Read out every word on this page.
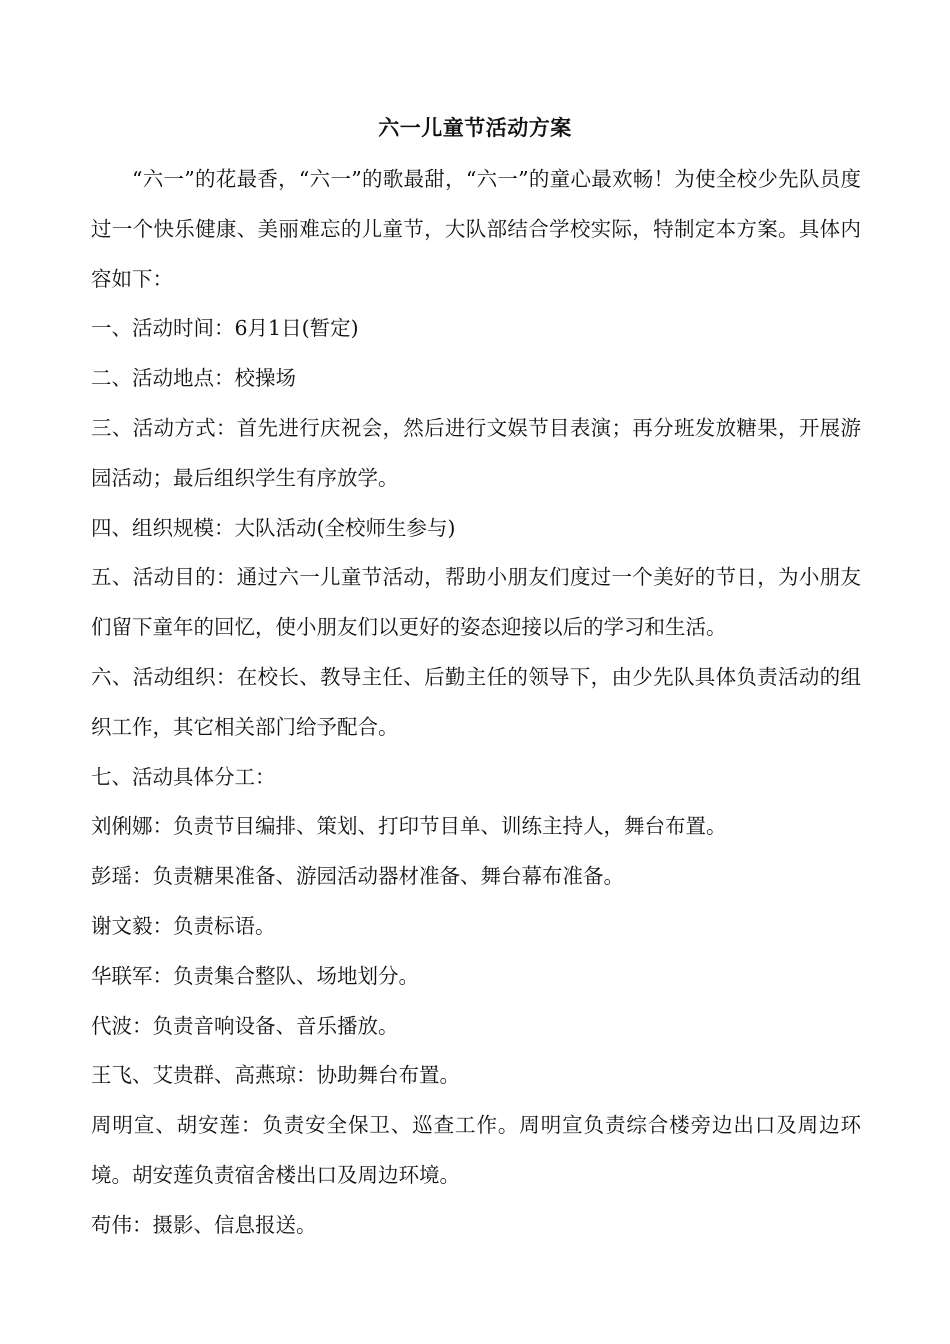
六一儿童节活动方案

“六一”的花最香，“六一”的歌最甜，“六一”的童心最欢畅！为使全校少先队员度过一个快乐健康、美丽难忘的儿童节，大队部结合学校实际，特制定本方案。具体内容如下：

一、活动时间：6月1日(暂定)

二、活动地点：校操场

三、活动方式：首先进行庆祝会，然后进行文娱节目表演；再分班发放糖果，开展游园活动；最后组织学生有序放学。

四、组织规模：大队活动(全校师生参与)

五、活动目的：通过六一儿童节活动，帮助小朋友们度过一个美好的节日，为小朋友们留下童年的回忆，使小朋友们以更好的姿态迎接以后的学习和生活。

六、活动组织：在校长、教导主任、后勤主任的领导下，由少先队具体负责活动的组织工作，其它相关部门给予配合。

七、活动具体分工：

刘俐娜：负责节目编排、策划、打印节目单、训练主持人，舞台布置。

彭瑶：负责糖果准备、游园活动器材准备、舞台幕布准备。

谢文毅：负责标语。

华联军：负责集合整队、场地划分。

代波：负责音响设备、音乐播放。

王飞、艾贵群、高燕琼：协助舞台布置。

周明宣、胡安莲：负责安全保卫、巡查工作。周明宣负责综合楼旁边出口及周边环境。胡安莲负责宿舍楼出口及周边环境。

苟伟：摄影、信息报送。
